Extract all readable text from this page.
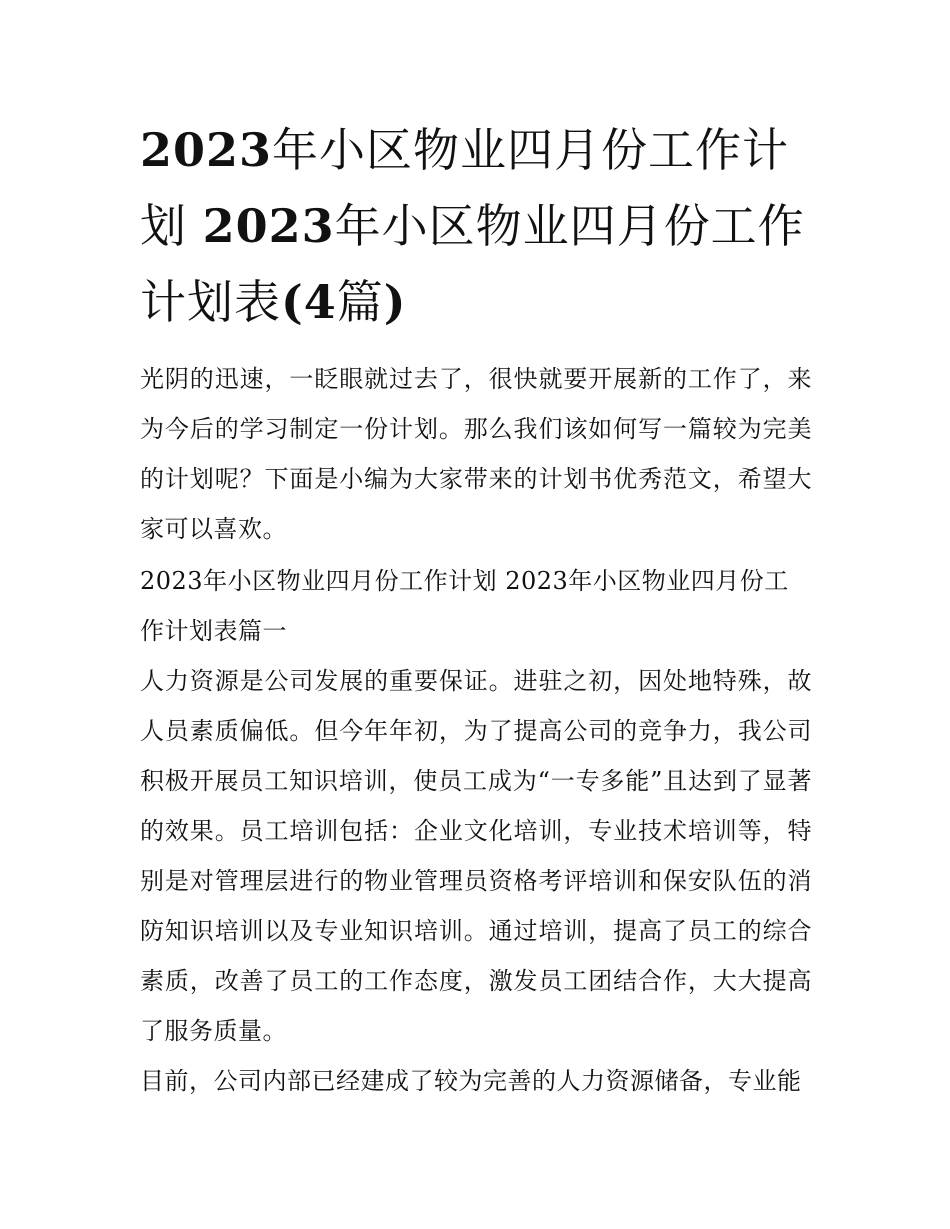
2023年小区物业四月份工作计划 2023年小区物业四月份工作计划表(4篇)

光阴的迅速，一眨眼就过去了，很快就要开展新的工作了，来为今后的学习制定一份计划。那么我们该如何写一篇较为完美的计划呢？下面是小编为大家带来的计划书优秀范文，希望大家可以喜欢。

2023年小区物业四月份工作计划 2023年小区物业四月份工作计划表篇一

人力资源是公司发展的重要保证。进驻之初，因处地特殊，故人员素质偏低。但今年年初，为了提高公司的竞争力，我公司积极开展员工知识培训，使员工成为“一专多能”且达到了显著的效果。员工培训包括：企业文化培训，专业技术培训等，特别是对管理层进行的物业管理员资格考评培训和保安队伍的消防知识培训以及专业知识培训。通过培训，提高了员工的综合素质，改善了员工的工作态度，激发员工团结合作，大大提高了服务质量。

目前，公司内部已经建成了较为完善的人力资源储备，专业能
